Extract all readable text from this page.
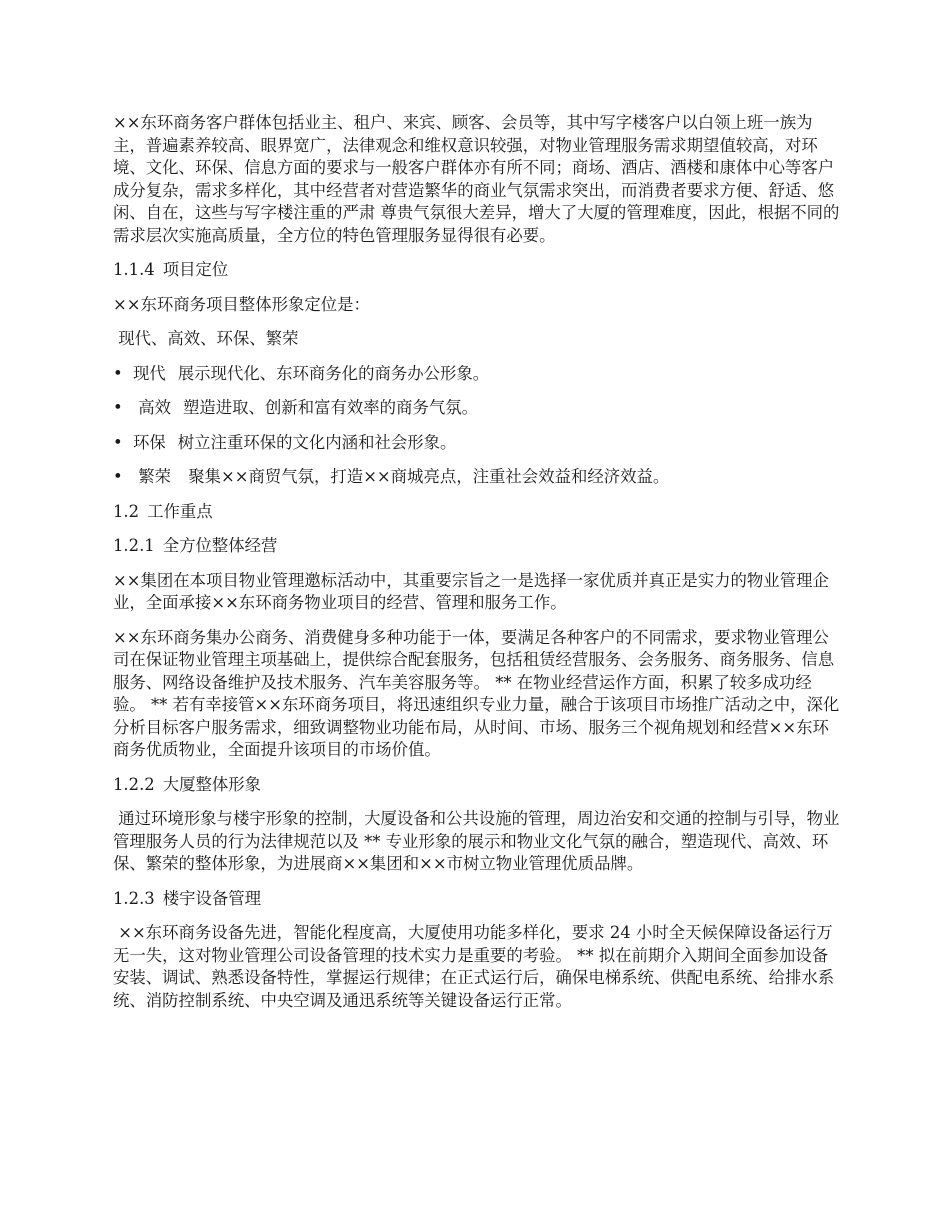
××东环商务客户群体包括业主、租户、来宾、顾客、会员等，其中写字楼客户以白领上班一族为主，普遍素养较高、眼界宽广，法律观念和维权意识较强，对物业管理服务需求期望值较高，对环境、文化、环保、信息方面的要求与一般客户群体亦有所不同；商场、酒店、酒楼和康体中心等客户成分复杂，需求多样化，其中经营者对营造繁华的商业气氛需求突出，而消费者要求方便、舒适、悠闲、自在，这些与写字楼注重的严肃 尊贵气氛很大差异，增大了大厦的管理难度，因此，根据不同的需求层次实施高质量，全方位的特色管理服务显得很有必要。

1.1.4 项目定位

××东环商务项目整体形象定位是：

现代、高效、环保、繁荣

• 现代 展示现代化、东环商务化的商务办公形象。
• 高效 塑造进取、创新和富有效率的商务气氛。
• 环保 树立注重环保的文化内涵和社会形象。
• 繁荣 聚集××商贸气氛，打造××商城亮点，注重社会效益和经济效益。
1.2 工作重点
1.2.1 全方位整体经营

××集团在本项目物业管理邀标活动中，其重要宗旨之一是选择一家优质并真正是实力的物业管理企业，全面承接××东环商务物业项目的经营、管理和服务工作。

××东环商务集办公商务、消费健身多种功能于一体，要满足各种客户的不同需求，要求物业管理公司在保证物业管理主项基础上，提供综合配套服务，包括租赁经营服务、会务服务、商务服务、信息服务、网络设备维护及技术服务、汽车美容服务等。 ** 在物业经营运作方面，积累了较多成功经验。 ** 若有幸接管××东环商务项目，将迅速组织专业力量，融合于该项目市场推广活动之中，深化分析目标客户服务需求，细致调整物业功能布局，从时间、市场、服务三个视角规划和经营××东环商务优质物业，全面提升该项目的市场价值。

1.2.2 大厦整体形象

通过环境形象与楼宇形象的控制，大厦设备和公共设施的管理，周边治安和交通的控制与引导，物业管理服务人员的行为法律规范以及 ** 专业形象的展示和物业文化气氛的融合，塑造现代、高效、环保、繁荣的整体形象，为进展商××集团和××市树立物业管理优质品牌。

1.2.3 楼宇设备管理

××东环商务设备先进，智能化程度高，大厦使用功能多样化，要求 24 小时全天候保障设备运行万无一失，这对物业管理公司设备管理的技术实力是重要的考验。 ** 拟在前期介入期间全面参加设备安装、调试、熟悉设备特性，掌握运行规律；在正式运行后，确保电梯系统、供配电系统、给排水系统、消防控制系统、中央空调及通迅系统等关键设备运行正常。
